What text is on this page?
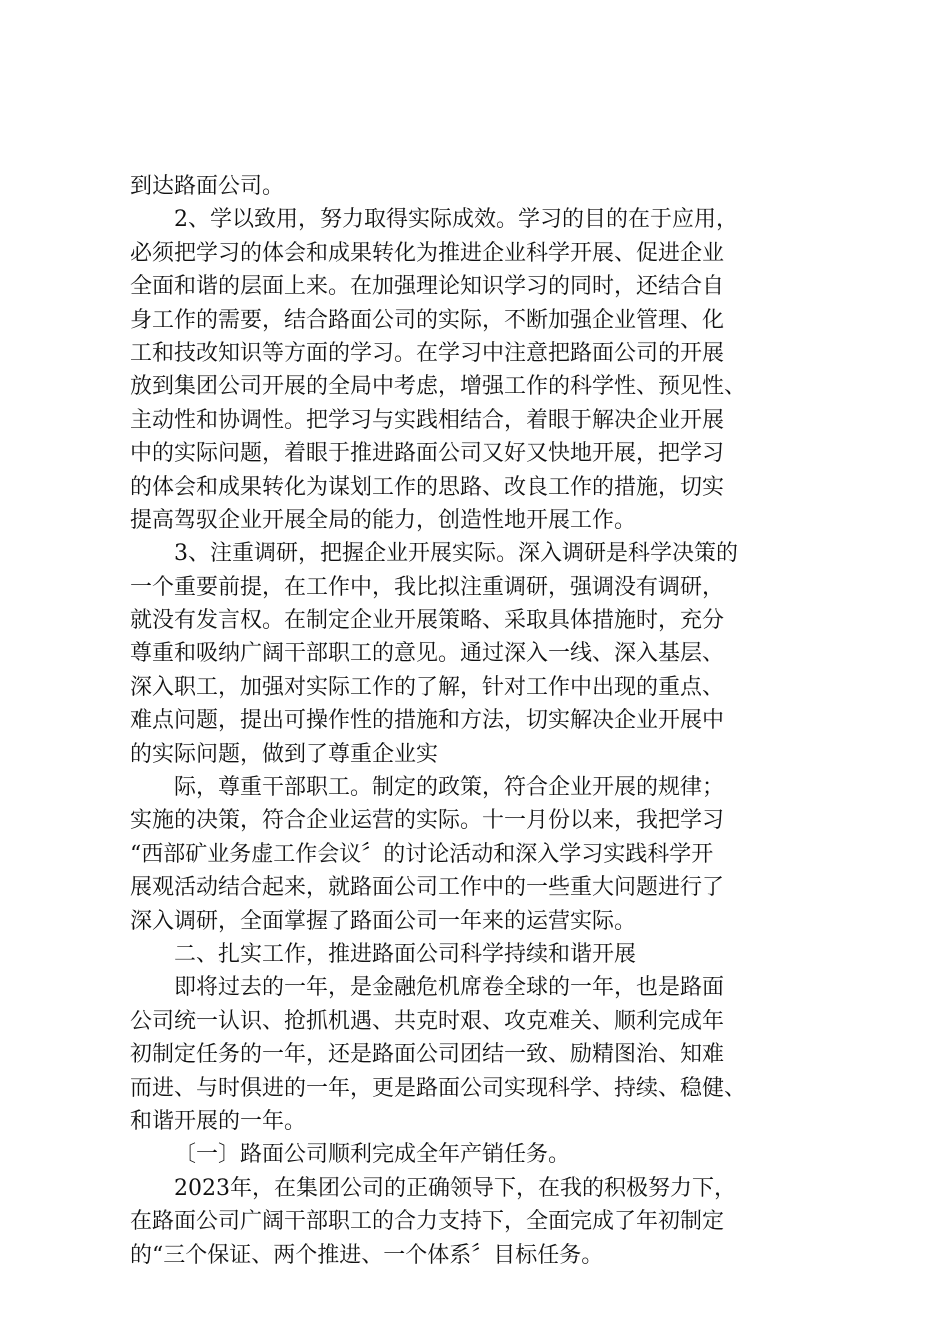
到达路面公司。
2、学以致用，努力取得实际成效。学习的目的在于应用，
必须把学习的体会和成果转化为推进企业科学开展、促进企业
全面和谐的层面上来。在加强理论知识学习的同时，还结合自
身工作的需要，结合路面公司的实际，不断加强企业管理、化
工和技改知识等方面的学习。在学习中注意把路面公司的开展
放到集团公司开展的全局中考虑，增强工作的科学性、预见性、
主动性和协调性。把学习与实践相结合，着眼于解决企业开展
中的实际问题，着眼于推进路面公司又好又快地开展，把学习
的体会和成果转化为谋划工作的思路、改良工作的措施，切实
提高驾驭企业开展全局的能力，创造性地开展工作。
3、注重调研，把握企业开展实际。深入调研是科学决策的
一个重要前提，在工作中，我比拟注重调研，强调没有调研，
就没有发言权。在制定企业开展策略、采取具体措施时，充分
尊重和吸纳广阔干部职工的意见。通过深入一线、深入基层、
深入职工，加强对实际工作的了解，针对工作中出现的重点、
难点问题，提出可操作性的措施和方法，切实解决企业开展中
的实际问题，做到了尊重企业实
际，尊重干部职工。制定的政策，符合企业开展的规律；
实施的决策，符合企业运营的实际。十一月份以来，我把学习
“西部矿业务虚工作会议〞的讨论活动和深入学习实践科学开
展观活动结合起来，就路面公司工作中的一些重大问题进行了
深入调研，全面掌握了路面公司一年来的运营实际。
二、扎实工作，推进路面公司科学持续和谐开展
即将过去的一年，是金融危机席卷全球的一年，也是路面
公司统一认识、抢抓机遇、共克时艰、攻克难关、顺利完成年
初制定任务的一年，还是路面公司团结一致、励精图治、知难
而进、与时俱进的一年，更是路面公司实现科学、持续、稳健、
和谐开展的一年。
〔一〕路面公司顺利完成全年产销任务。
2023年，在集团公司的正确领导下，在我的积极努力下，
在路面公司广阔干部职工的合力支持下，全面完成了年初制定
的“三个保证、两个推进、一个体系〞目标任务。
